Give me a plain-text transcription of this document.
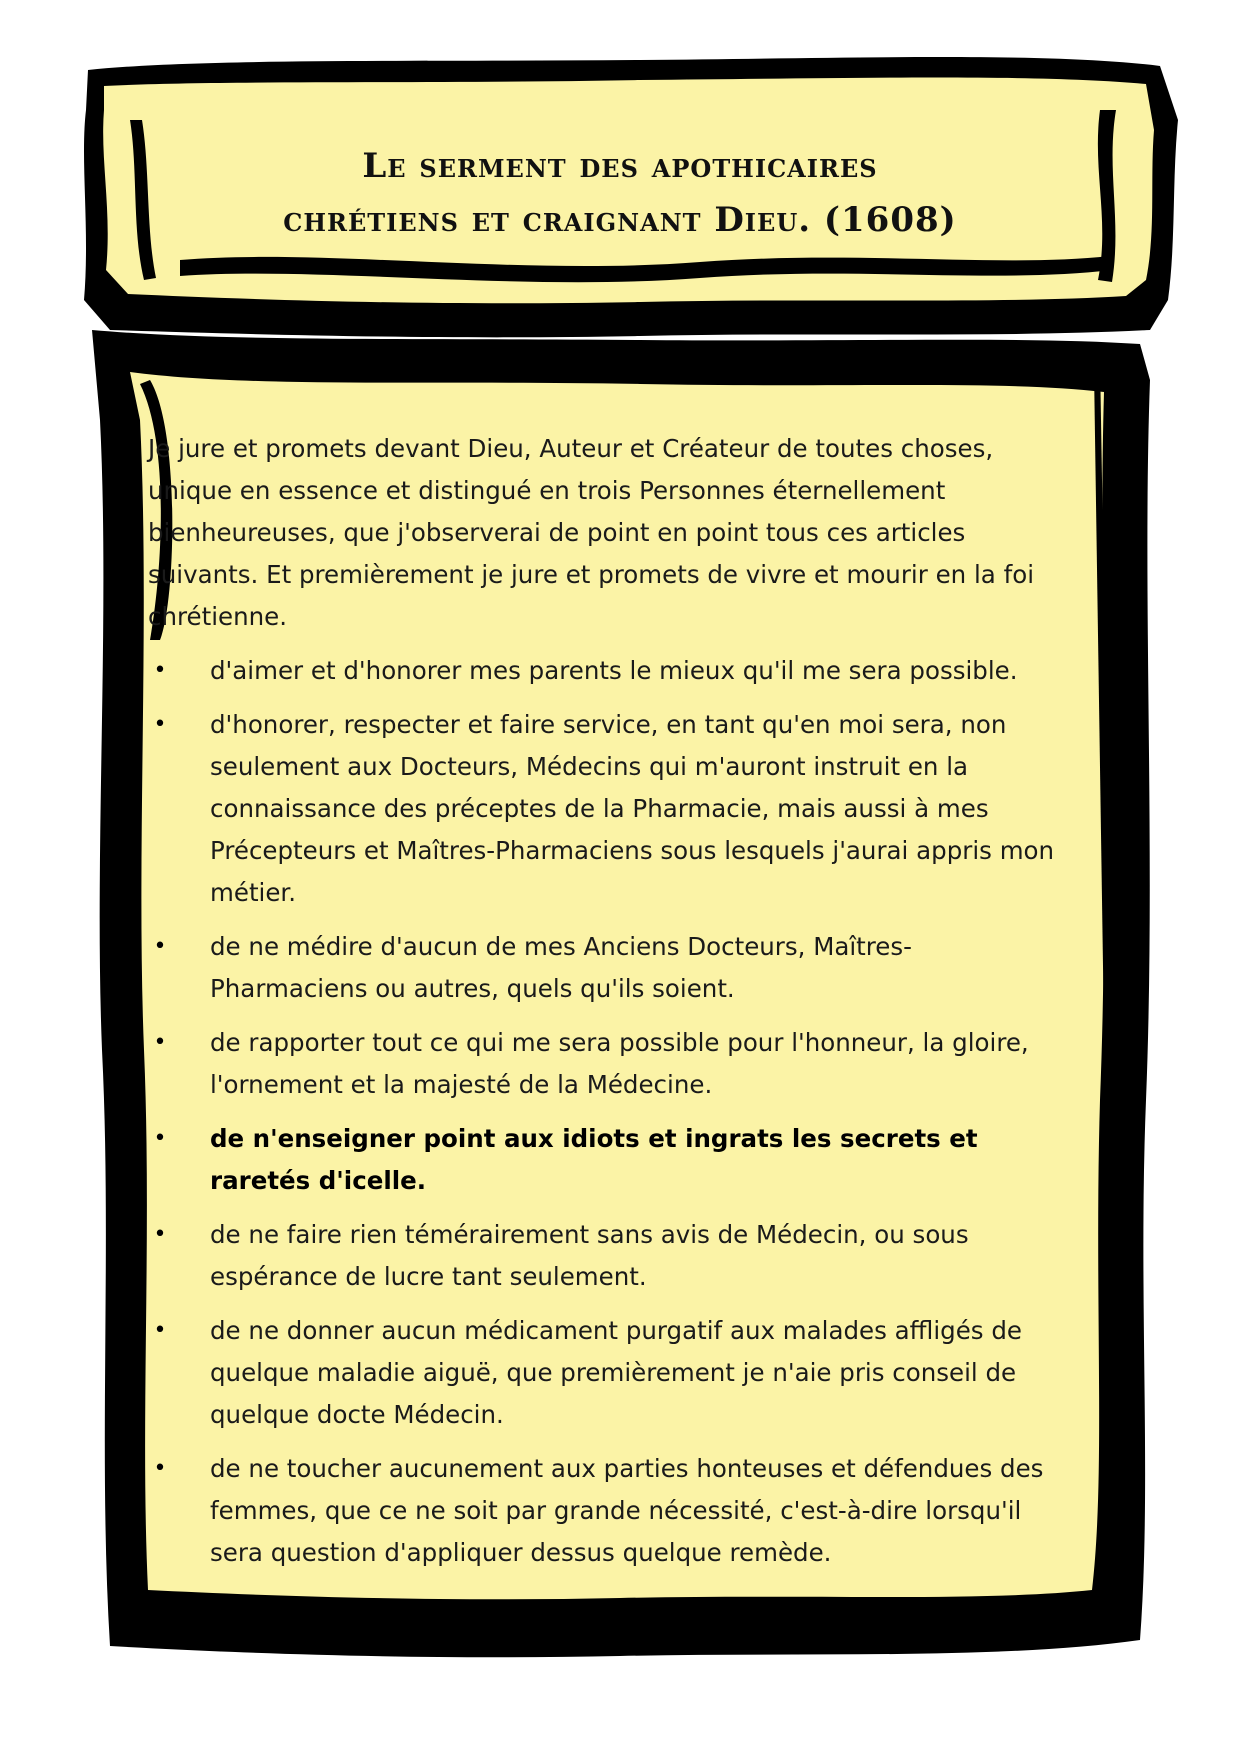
Le serment des apothicaires
chrétiens et craignant Dieu. (1608)

Je jure et promets devant Dieu, Auteur et Créateur de toutes choses, unique en essence et distingué en trois Personnes éternellement bienheureuses, que j'observerai de point en point tous ces articles suivants. Et premièrement je jure et promets de vivre et mourir en la foi chrétienne.

• d'aimer et d'honorer mes parents le mieux qu'il me sera possible.
• d'honorer, respecter et faire service, en tant qu'en moi sera, non seulement aux Docteurs, Médecins qui m'auront instruit en la connaissance des préceptes de la Pharmacie, mais aussi à mes Précepteurs et Maîtres-Pharmaciens sous lesquels j'aurai appris mon métier.
• de ne médire d'aucun de mes Anciens Docteurs, Maîtres-Pharmaciens ou autres, quels qu'ils soient.
• de rapporter tout ce qui me sera possible pour l'honneur, la gloire, l'ornement et la majesté de la Médecine.
• de n'enseigner point aux idiots et ingrats les secrets et raretés d'icelle.
• de ne faire rien témérairement sans avis de Médecin, ou sous espérance de lucre tant seulement.
• de ne donner aucun médicament purgatif aux malades affligés de quelque maladie aiguë, que premièrement je n'aie pris conseil de quelque docte Médecin.
• de ne toucher aucunement aux parties honteuses et défendues des femmes, que ce ne soit par grande nécessité, c'est-à-dire lorsqu'il sera question d'appliquer dessus quelque remède.
